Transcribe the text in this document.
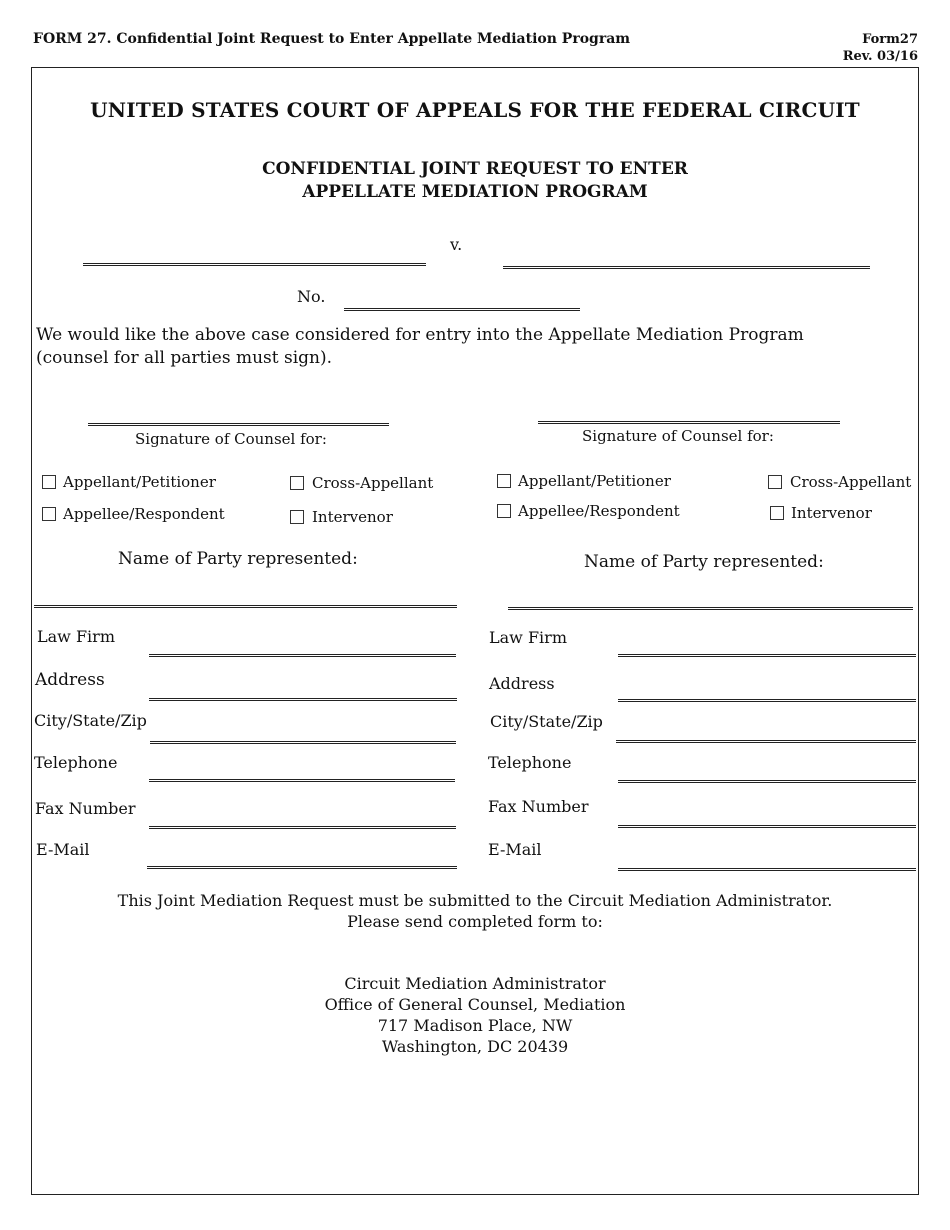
FORM 27. Confidential Joint Request to Enter Appellate Mediation Program	Form27
Rev. 03/16
UNITED STATES COURT OF APPEALS FOR THE FEDERAL CIRCUIT
CONFIDENTIAL JOINT REQUEST TO ENTER
APPELLATE MEDIATION PROGRAM
v.
No.
We would like the above case considered for entry into the Appellate Mediation Program
(counsel for all parties must sign).
Signature of Counsel for:
Appellant/Petitioner	Cross-Appellant
Appellee/Respondent	Intervenor
Name of Party represented:
Law Firm
Address
City/State/Zip
Telephone
Fax Number
E-Mail
Signature of Counsel for:
Appellant/Petitioner	Cross-Appellant
Appellee/Respondent	Intervenor
Name of Party represented:
Law Firm
Address
City/State/Zip
Telephone
Fax Number
E-Mail
This Joint Mediation Request must be submitted to the Circuit Mediation Administrator.
Please send completed form to:
Circuit Mediation Administrator
Office of General Counsel, Mediation
717 Madison Place, NW
Washington, DC 20439
